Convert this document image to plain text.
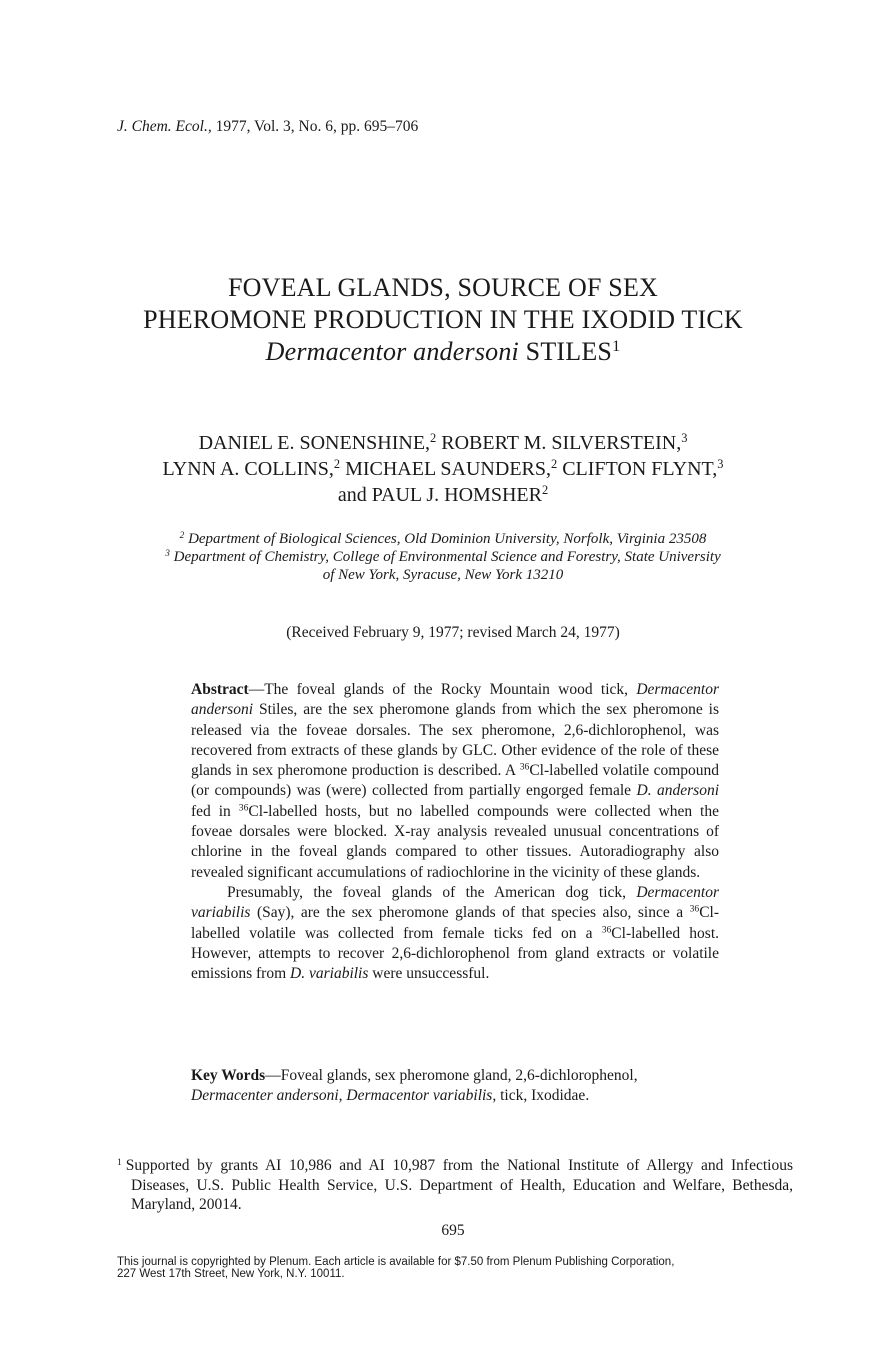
J. Chem. Ecol., 1977, Vol. 3, No. 6, pp. 695–706
FOVEAL GLANDS, SOURCE OF SEX
PHEROMONE PRODUCTION IN THE IXODID TICK
Dermacentor andersoni STILES$^1$
DANIEL E. SONENSHINE,$^2$ ROBERT M. SILVERSTEIN,$^3$
LYNN A. COLLINS,$^2$ MICHAEL SAUNDERS,$^2$ CLIFTON FLYNT,$^3$
and PAUL J. HOMSHER$^2$
$^2$ Department of Biological Sciences, Old Dominion University, Norfolk, Virginia 23508
$^3$ Department of Chemistry, College of Environmental Science and Forestry, State University
of New York, Syracuse, New York 13210
(Received February 9, 1977; revised March 24, 1977)

Abstract—The foveal glands of the Rocky Mountain wood tick, Dermacentor andersoni Stiles, are the sex pheromone glands from which the sex pheromone is released via the foveae dorsales. The sex pheromone, 2,6-dichlorophenol, was recovered from extracts of these glands by GLC. Other evidence of the role of these glands in sex pheromone production is described. A $^{36}$Cl-labelled volatile compound (or compounds) was (were) collected from partially engorged female D. andersoni fed in $^{36}$Cl-labelled hosts, but no labelled compounds were collected when the foveae dorsales were blocked. X-ray analysis revealed unusual concentrations of chlorine in the foveal glands compared to other tissues. Autoradiography also revealed significant accumulations of radiochlorine in the vicinity of these glands.

Presumably, the foveal glands of the American dog tick, Dermacentor variabilis (Say), are the sex pheromone glands of that species also, since a $^{36}$Cl-labelled volatile was collected from female ticks fed on a $^{36}$Cl-labelled host. However, attempts to recover 2,6-dichlorophenol from gland extracts or volatile emissions from D. variabilis were unsuccessful.

Key Words—Foveal glands, sex pheromone gland, 2,6-dichlorophenol, Dermacenter andersoni, Dermacentor variabilis, tick, Ixodidae.
$^1$ Supported by grants AI 10,986 and AI 10,987 from the National Institute of Allergy and Infectious Diseases, U.S. Public Health Service, U.S. Department of Health, Education and Welfare, Bethesda, Maryland, 20014.
695
This journal is copyrighted by Plenum. Each article is available for $7.50 from Plenum Publishing Corporation,
227 West 17th Street, New York, N.Y. 10011.
